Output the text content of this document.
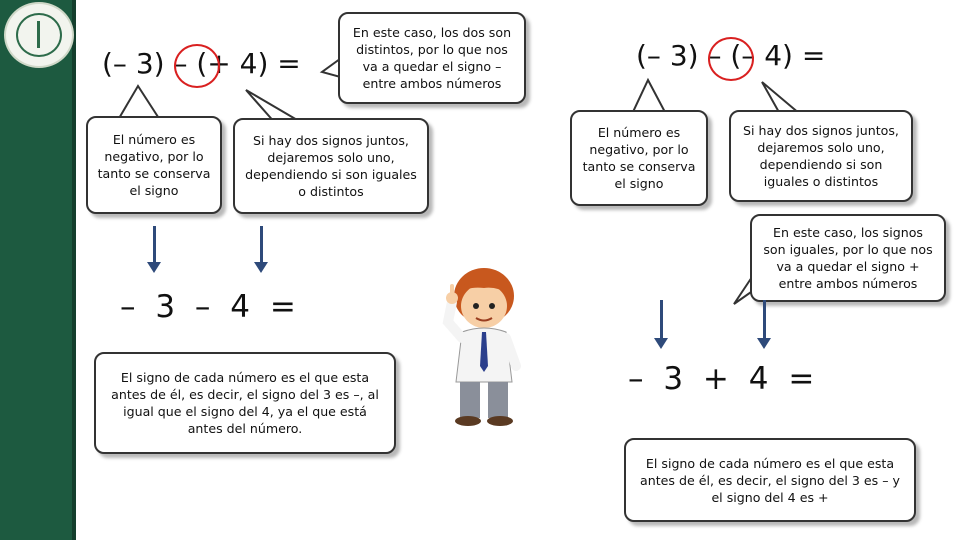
(– 3) – (+ 4) =
El número es negativo, por lo tanto se conserva el signo
Si hay dos signos juntos, dejaremos solo uno, dependiendo si son iguales o distintos
En este caso, los dos son distintos, por lo que nos va a quedar el signo – entre ambos números
– 3 – 4 =
El signo de cada número es el que esta antes de él, es decir, el signo del 3 es –, al igual que el signo del 4, ya el que está antes del número.
(– 3) – (– 4) =
El número es negativo, por lo tanto se conserva el signo
Si hay dos signos juntos, dejaremos solo uno, dependiendo si son iguales o distintos
En este caso, los signos son iguales, por lo que nos va a quedar el signo + entre ambos números
– 3 + 4 =
El signo de cada número es el que esta antes de él, es decir, el signo del 3 es – y el signo del 4 es +
